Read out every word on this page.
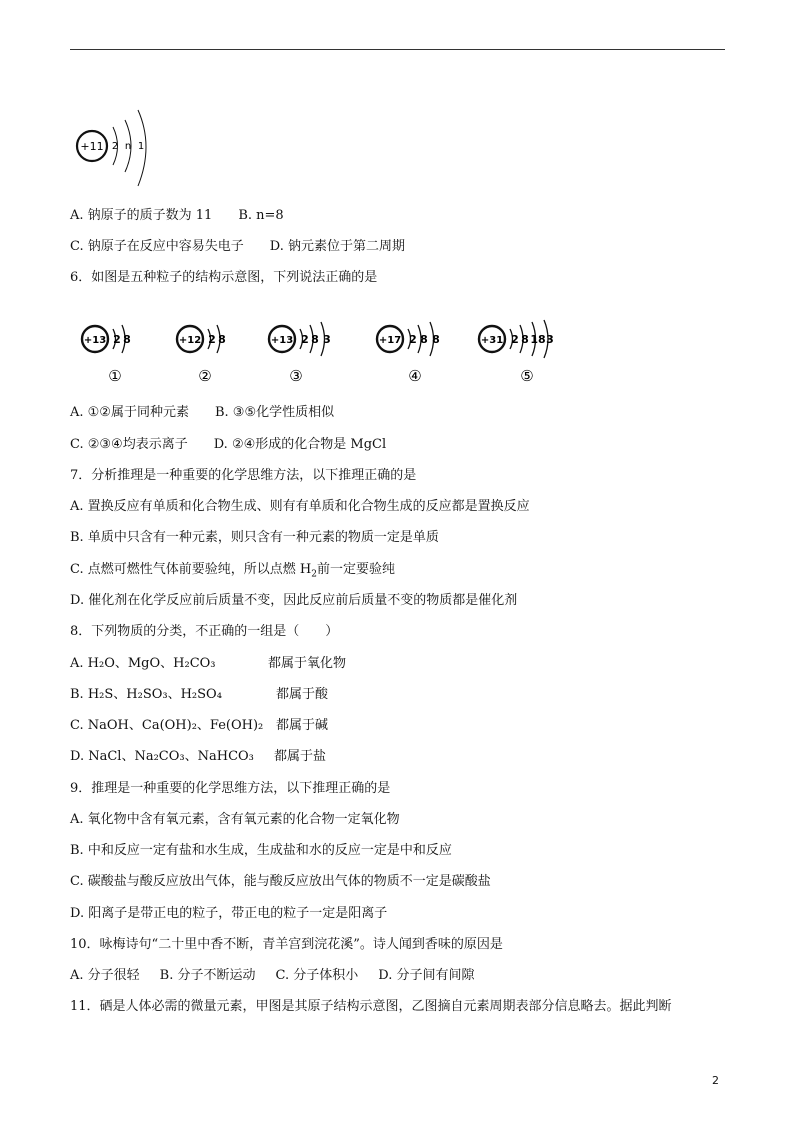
+11 2 n 1
A. 钠原子的质子数为 11 B. n=8
C. 钠原子在反应中容易失电子 D. 钠元素位于第二周期
6．如图是五种粒子的结构示意图，下列说法正确的是
+13 2 8
①
+12 2 8
②
+13 2 8 3
③
+17 2 8 8
④
+31 2 8 18 3
⑤
A. ①②属于同种元素 B. ③⑤化学性质相似
C. ②③④均表示离子 D. ②④形成的化合物是 MgCl
7．分析推理是一种重要的化学思维方法，以下推理正确的是
A. 置换反应有单质和化合物生成、则有有单质和化合物生成的反应都是置换反应
B. 单质中只含有一种元素，则只含有一种元素的物质一定是单质
C. 点燃可燃性气体前要验纯，所以点燃 $H_2$前一定要验纯
D. 催化剂在化学反应前后质量不变，因此反应前后质量不变的物质都是催化剂
8．下列物质的分类，不正确的一组是（　　）
A. H₂O、MgO、H₂CO₃	都属于氧化物
B. H₂S、H₂SO₃、H₂SO₄	都属于酸
C. NaOH、Ca(OH)₂、Fe(OH)₂ 都属于碱
D. NaCl、Na₂CO₃、NaHCO₃ 都属于盐
9．推理是一种重要的化学思维方法，以下推理正确的是
A. 氧化物中含有氧元素，含有氧元素的化合物一定氧化物
B. 中和反应一定有盐和水生成，生成盐和水的反应一定是中和反应
C. 碳酸盐与酸反应放出气体，能与酸反应放出气体的物质不一定是碳酸盐
D. 阳离子是带正电的粒子，带正电的粒子一定是阳离子
10．咏梅诗句“二十里中香不断，青羊宫到浣花溪”。诗人闻到香味的原因是
A. 分子很轻 B. 分子不断运动 C. 分子体积小 D. 分子间有间隙
11．硒是人体必需的微量元素，甲图是其原子结构示意图，乙图摘自元素周期表部分信息略去。据此判断
2
